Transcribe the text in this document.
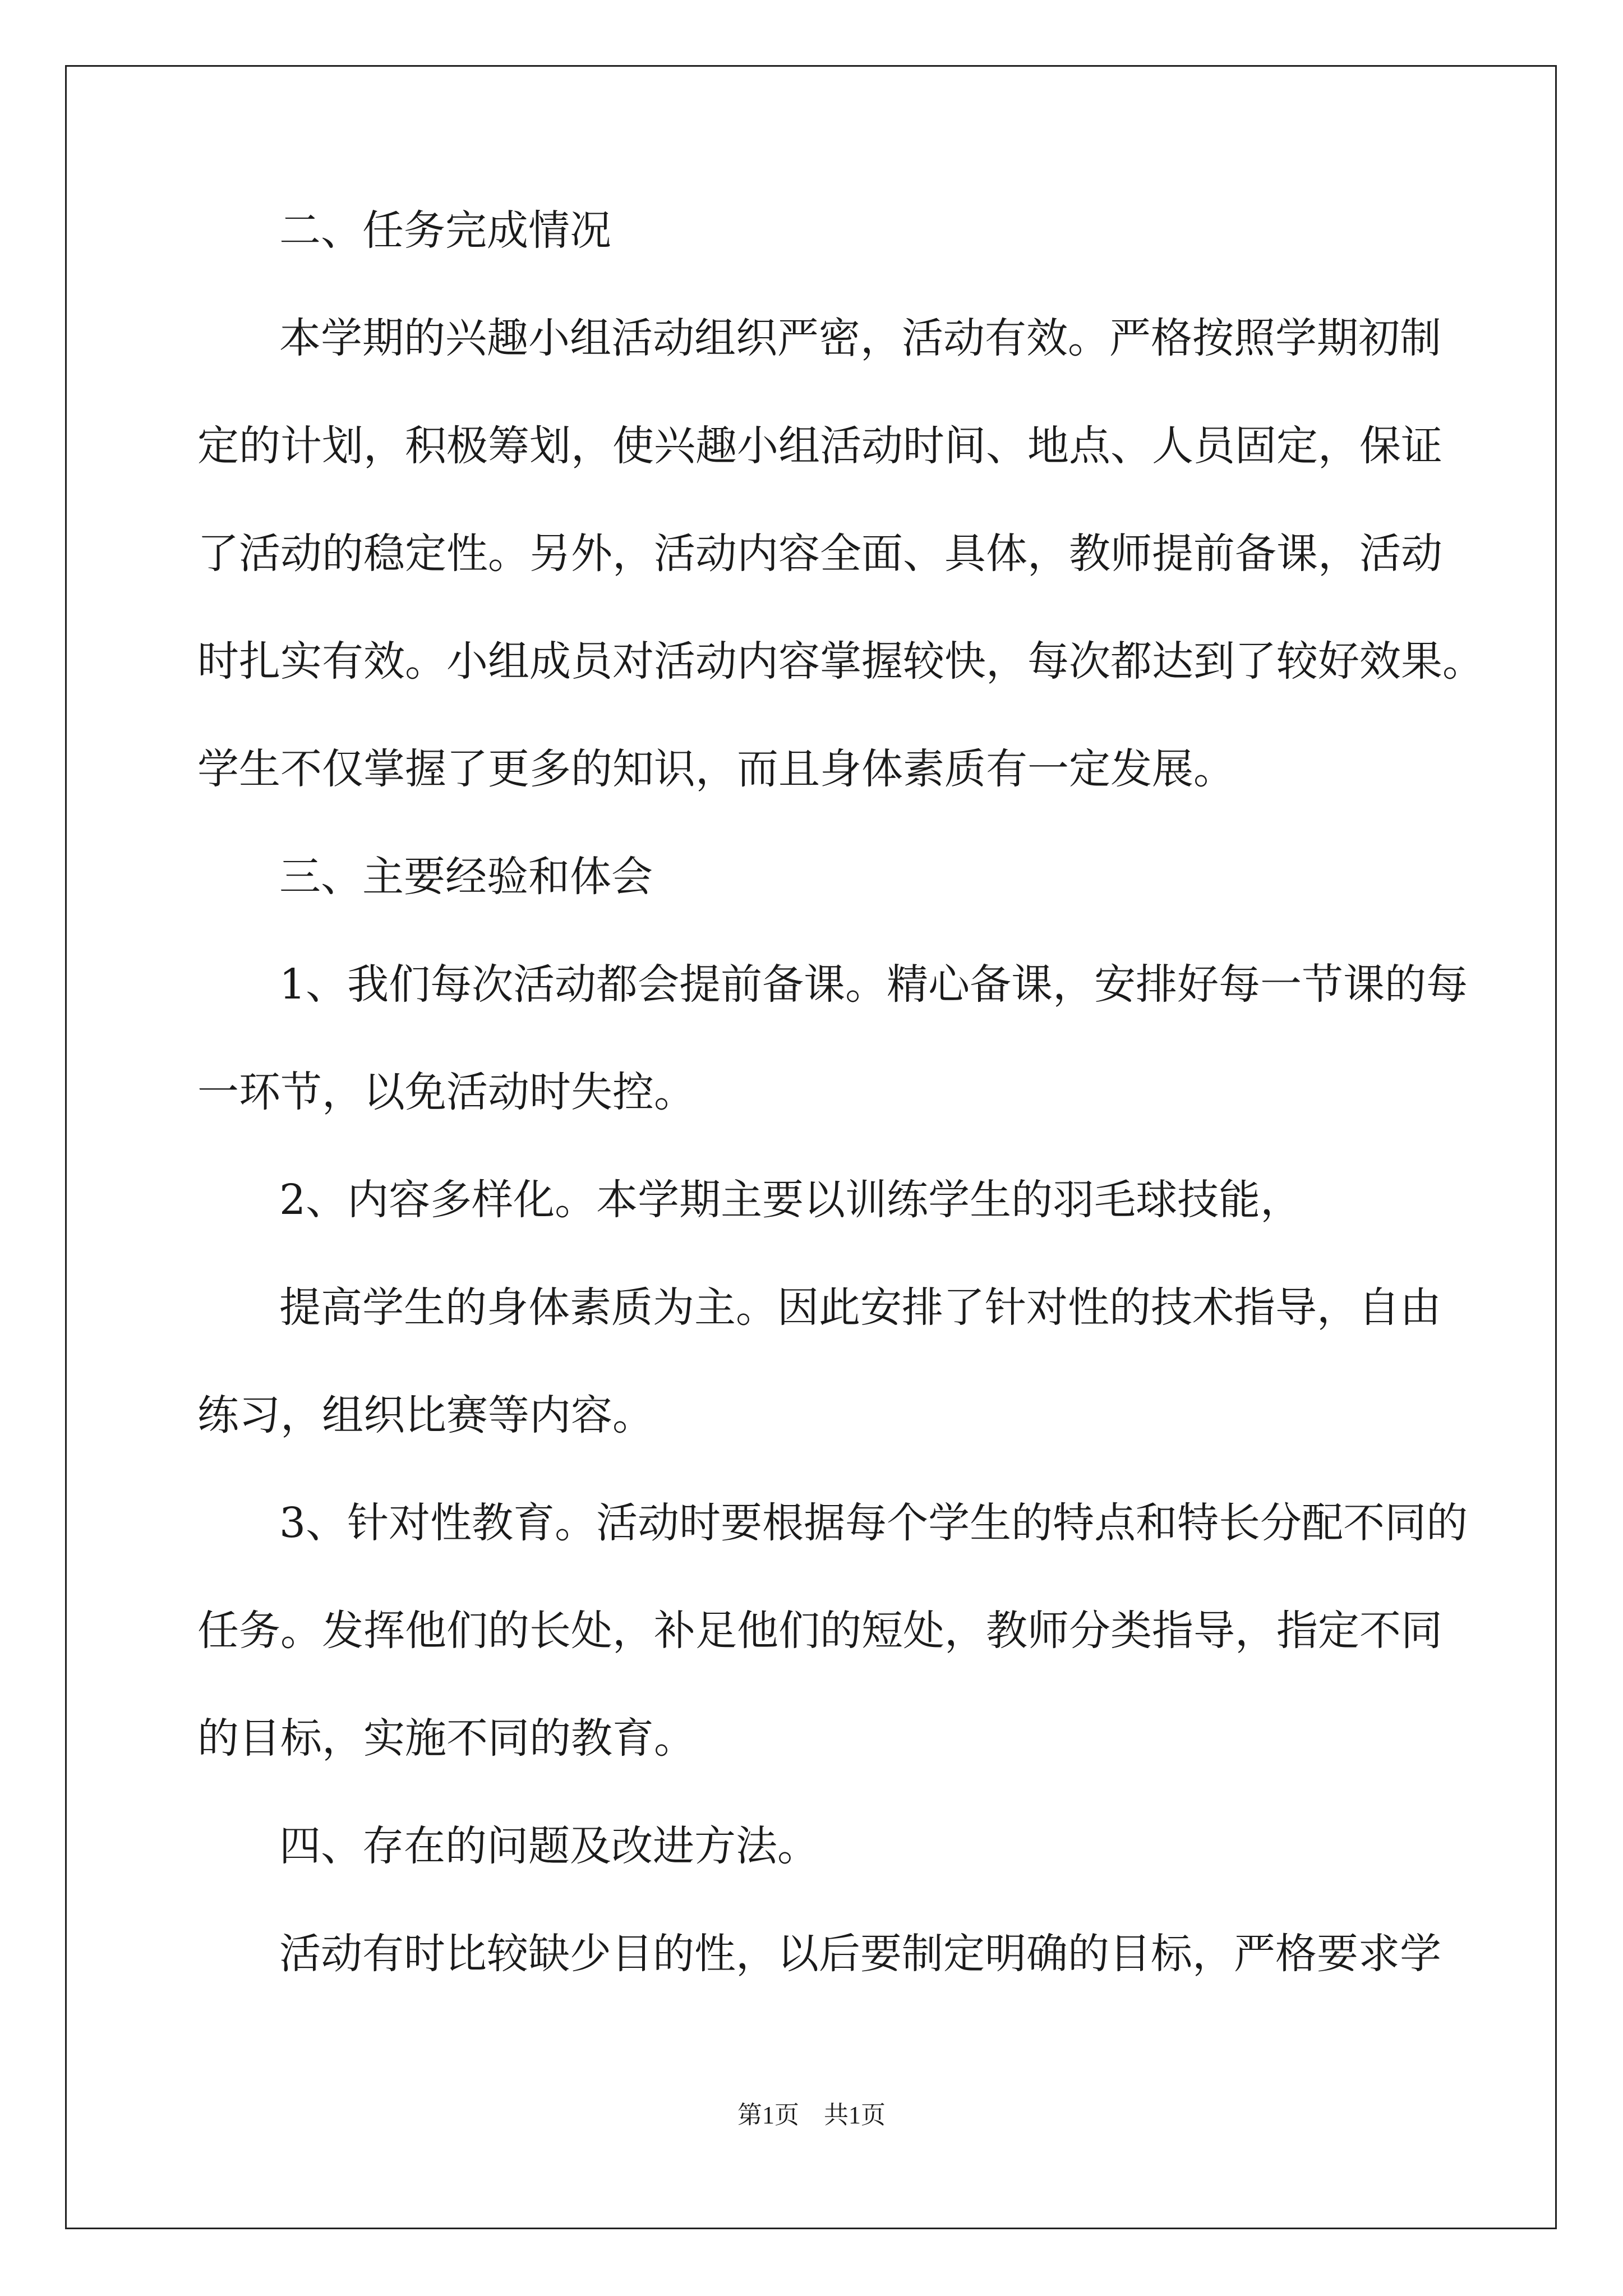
二、任务完成情况
本学期的兴趣小组活动组织严密，活动有效。严格按照学期初制
定的计划，积极筹划，使兴趣小组活动时间、地点、人员固定，保证
了活动的稳定性。另外，活动内容全面、具体，教师提前备课，活动
时扎实有效。小组成员对活动内容掌握较快，每次都达到了较好效果。
学生不仅掌握了更多的知识，而且身体素质有一定发展。
三、主要经验和体会
1、我们每次活动都会提前备课。精心备课，安排好每一节课的每
一环节，以免活动时失控。
2、内容多样化。本学期主要以训练学生的羽毛球技能，
提高学生的身体素质为主。因此安排了针对性的技术指导，自由
练习，组织比赛等内容。
3、针对性教育。活动时要根据每个学生的特点和特长分配不同的
任务。发挥他们的长处，补足他们的短处，教师分类指导，指定不同
的目标，实施不同的教育。
四、存在的问题及改进方法。
活动有时比较缺少目的性，以后要制定明确的目标，严格要求学
第1页　共1页
